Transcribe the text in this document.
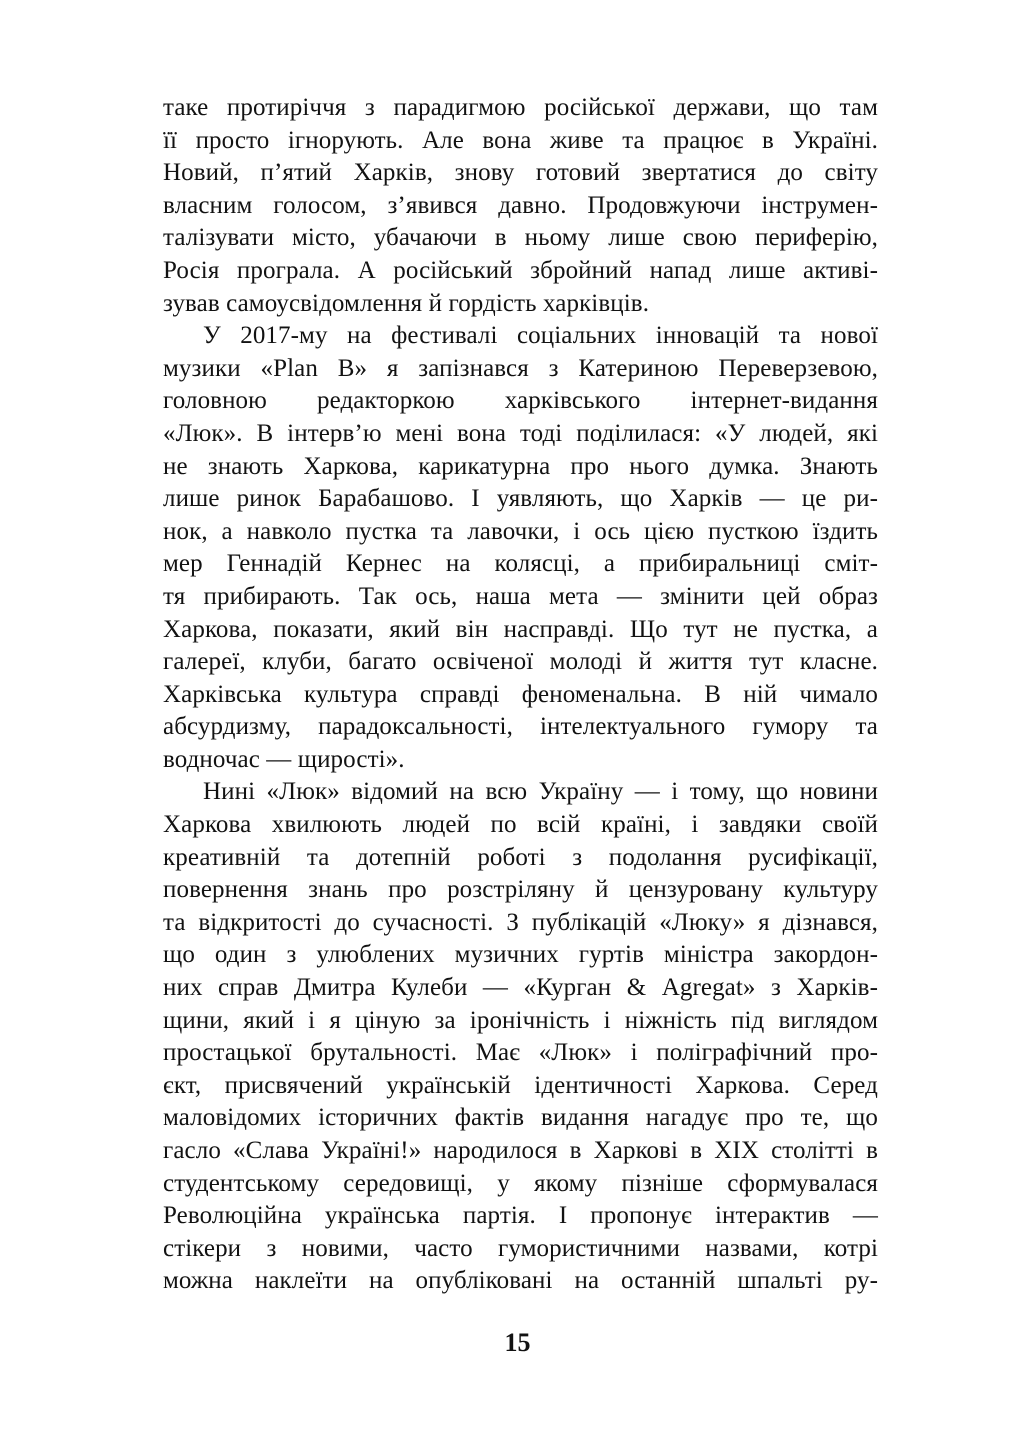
таке протиріччя з парадигмою російської держави, що там
її просто ігнорують. Але вона живе та працює в Україні.
Новий, п’ятий Харків, знову готовий звертатися до світу
власним голосом, з’явився давно. Продовжуючи інструмен-
талізувати місто, убачаючи в ньому лише свою периферію,
Росія програла. А російський збройний напад лише активі-
зував самоусвідомлення й гордість харківців.
У 2017-му на фестивалі соціальних інновацій та нової
музики «Plan B» я запізнався з Катериною Переверзевою,
головною редакторкою харківського інтернет-видання
«Люк». В інтерв’ю мені вона тоді поділилася: «У людей, які
не знають Харкова, карикатурна про нього думка. Знають
лише ринок Барабашово. І уявляють, що Харків — це ри-
нок, а навколо пустка та лавочки, і ось цією пусткою їздить
мер Геннадій Кернес на колясці, а прибиральниці сміт-
тя прибирають. Так ось, наша мета — змінити цей образ
Харкова, показати, який він насправді. Що тут не пустка, а
галереї, клуби, багато освіченої молоді й життя тут класне.
Харківська культура справді феноменальна. В ній чимало
абсурдизму, парадоксальності, інтелектуального гумору та
водночас — щирості».
Нині «Люк» відомий на всю Україну — і тому, що новини
Харкова хвилюють людей по всій країні, і завдяки своїй
креативній та дотепній роботі з подолання русифікації,
повернення знань про розстріляну й цензуровану культуру
та відкритості до сучасності. З публікацій «Люку» я дізнався,
що один з улюблених музичних гуртів міністра закордон-
них справ Дмитра Кулеби — «Курган & Agregat» з Харків-
щини, який і я ціную за іронічність і ніжність під виглядом
простацької брутальності. Має «Люк» і поліграфічний про-
єкт, присвячений українській ідентичності Харкова. Серед
маловідомих історичних фактів видання нагадує про те, що
гасло «Слава Україні!» народилося в Харкові в XIX столітті в
студентському середовищі, у якому пізніше сформувалася
Революційна українська партія. І пропонує інтерактив —
стікери з новими, часто гумористичними назвами, котрі
можна наклеїти на опубліковані на останній шпальті ру-
15
